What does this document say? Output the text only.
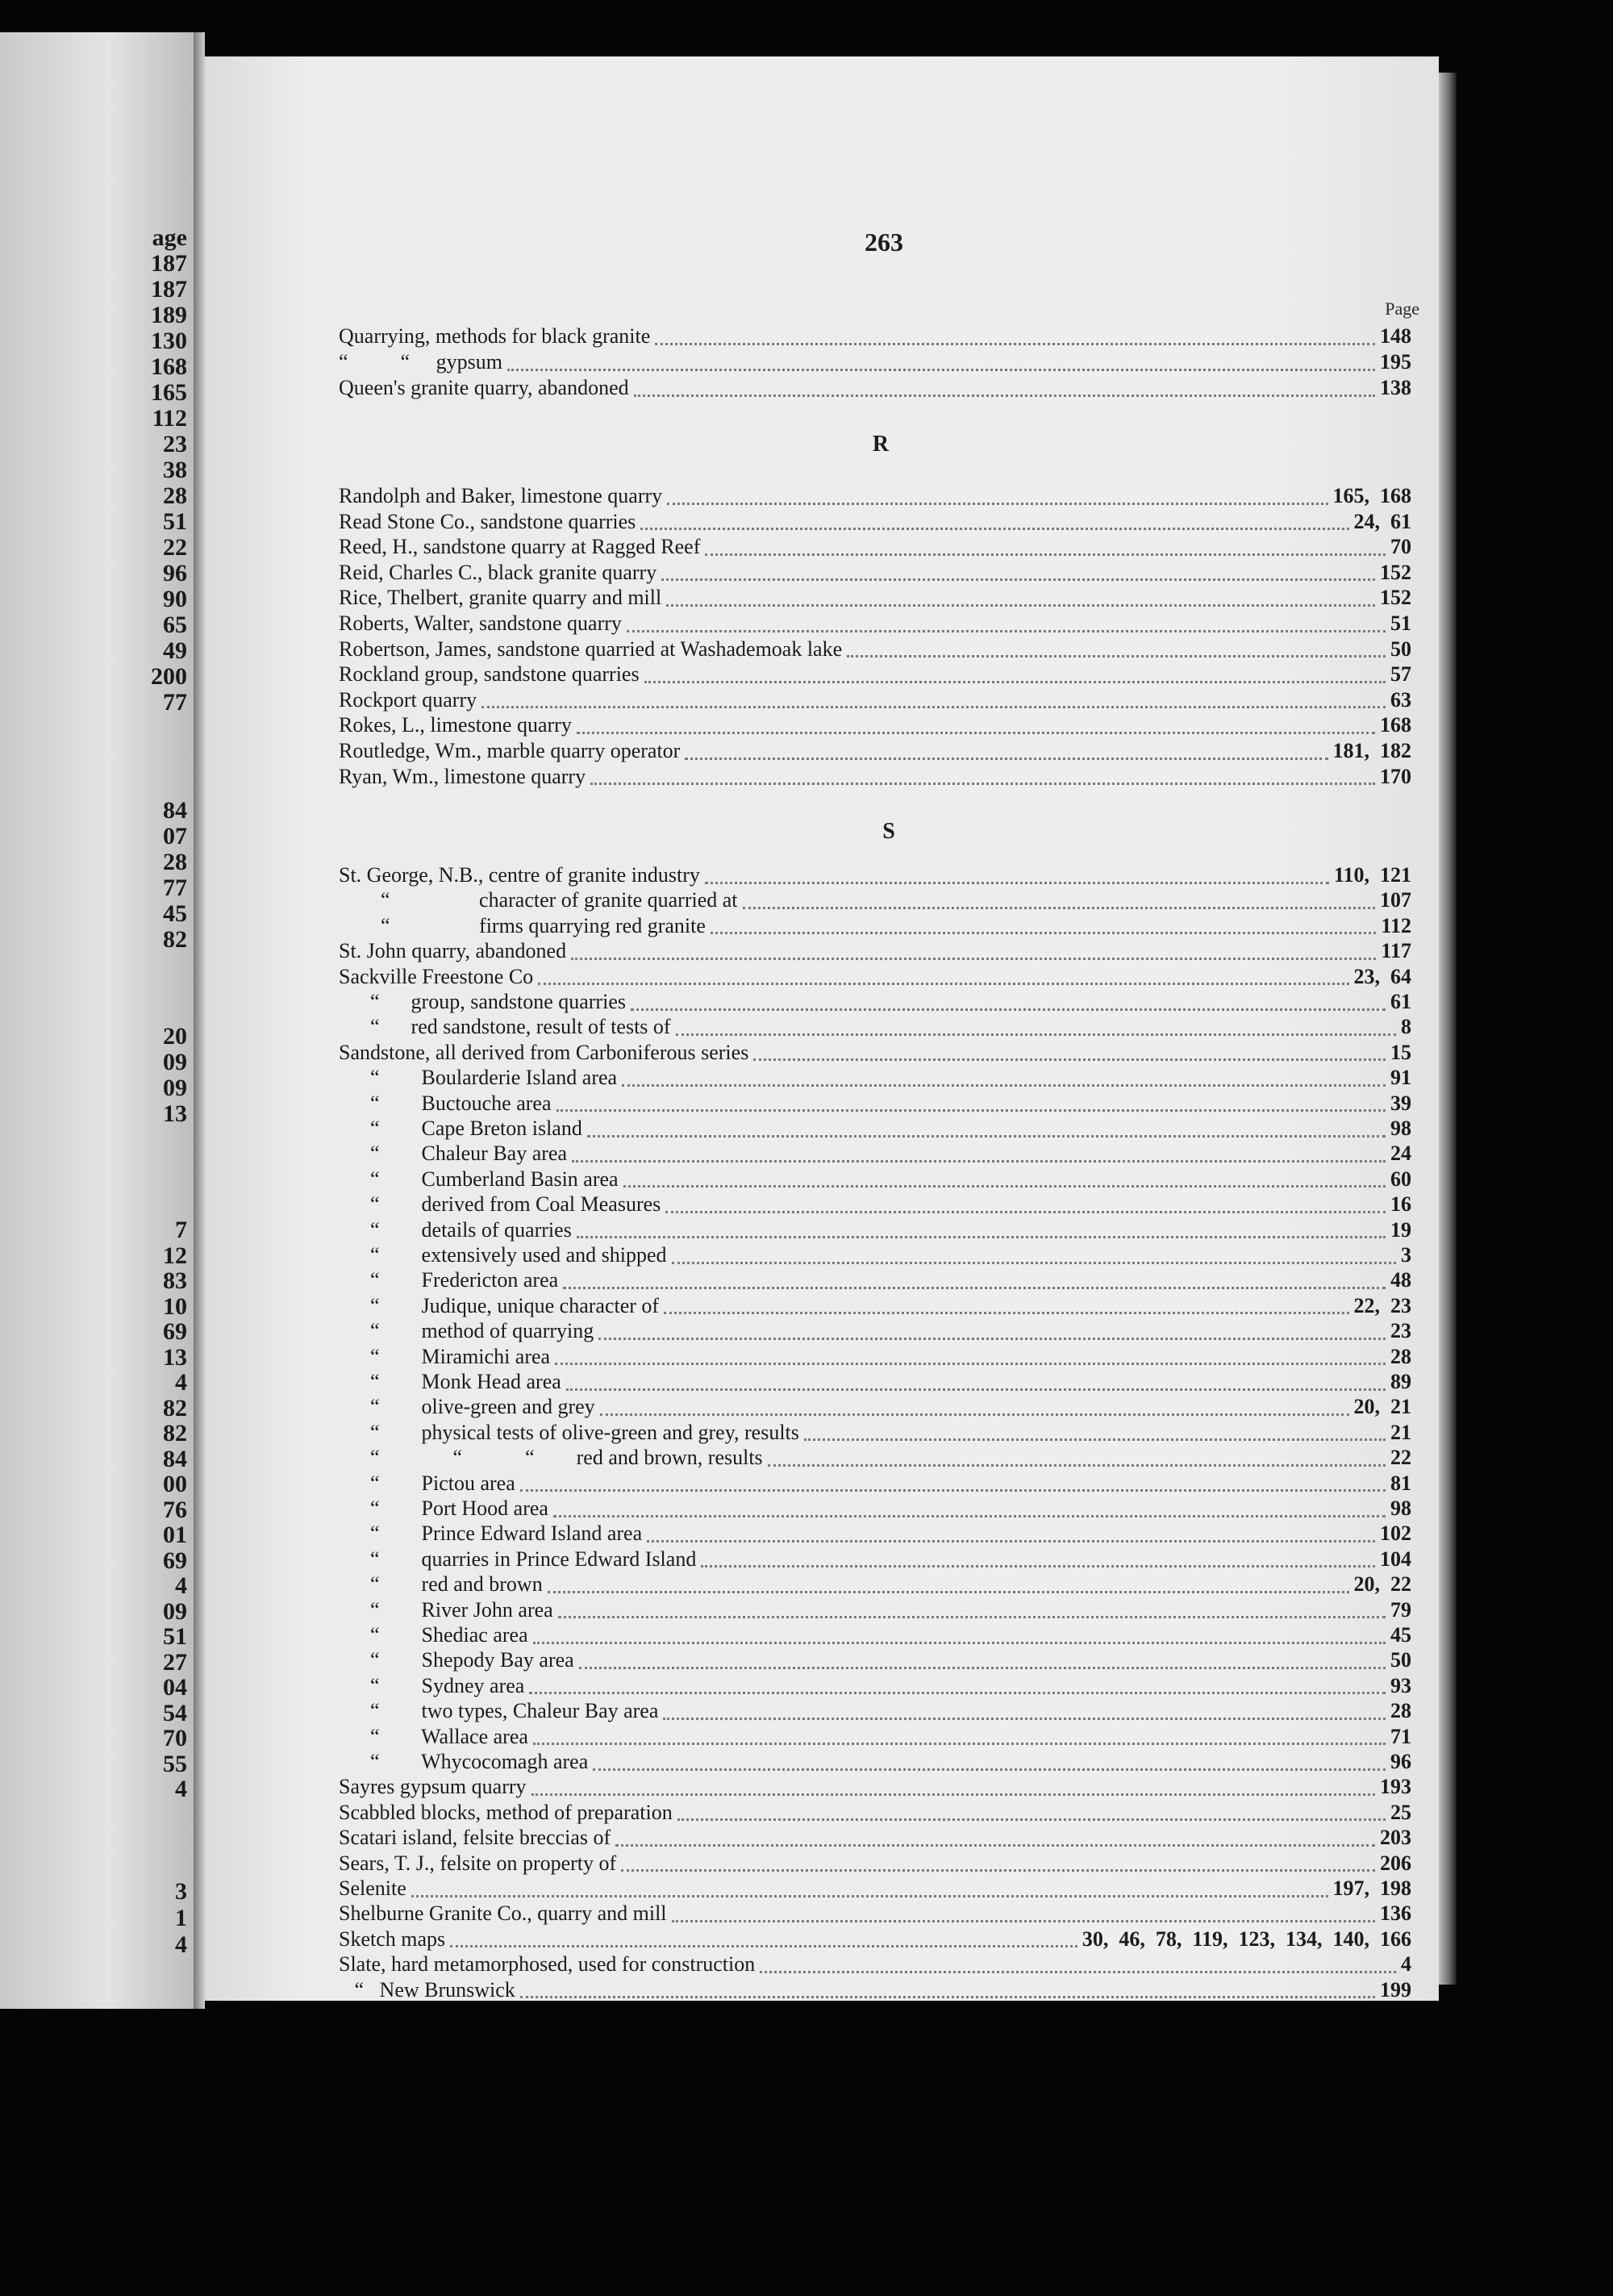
age
187
187
189
130
168
165
112
23
38
28
51
22
96
90
65
49
200
77
84
07
28
77
45
82
20
09
09
13
7
12
83
10
69
13
4
82
82
84
00
76
01
69
4
09
51
27
04
54
70
55
4
3
1
4
263
Page
Quarrying, methods for black granite	148
“          “     gypsum	195
Queen's granite quarry, abandoned	138
R
Randolph and Baker, limestone quarry	165,  168
Read Stone Co., sandstone quarries	24,  61
Reed, H., sandstone quarry at Ragged Reef	70
Reid, Charles C., black granite quarry	152
Rice, Thelbert, granite quarry and mill	152
Roberts, Walter, sandstone quarry	51
Robertson, James, sandstone quarried at Washademoak lake	50
Rockland group, sandstone quarries	57
Rockport quarry	63
Rokes, L., limestone quarry	168
Routledge, Wm., marble quarry operator	181,  182
Ryan, Wm., limestone quarry	170
S
St. George, N.B., centre of granite industry	110,  121
“                 character of granite quarried at	107
“                 firms quarrying red granite	112
St. John quarry, abandoned	117
Sackville Freestone Co	23,  64
“      group, sandstone quarries	61
“      red sandstone, result of tests of	8
Sandstone, all derived from Carboniferous series	15
“        Boularderie Island area	91
“        Buctouche area	39
“        Cape Breton island	98
“        Chaleur Bay area	24
“        Cumberland Basin area	60
“        derived from Coal Measures	16
“        details of quarries	19
“        extensively used and shipped	3
“        Fredericton area	48
“        Judique, unique character of	22,  23
“        method of quarrying	23
“        Miramichi area	28
“        Monk Head area	89
“        olive-green and grey	20,  21
“        physical tests of olive-green and grey, results	21
“              “            “        red and brown, results	22
“        Pictou area	81
“        Port Hood area	98
“        Prince Edward Island area	102
“        quarries in Prince Edward Island	104
“        red and brown	20,  22
“        River John area	79
“        Shediac area	45
“        Shepody Bay area	50
“        Sydney area	93
“        two types, Chaleur Bay area	28
“        Wallace area	71
“        Whycocomagh area	96
Sayres gypsum quarry	193
Scabbled blocks, method of preparation	25
Scatari island, felsite breccias of	203
Sears, T. J., felsite on property of	206
Selenite	197,  198
Shelburne Granite Co., quarry and mill	136
Sketch maps	30,  46,  78,  119,  123,  134,  140,  166
Slate, hard metamorphosed, used for construction	4
“   New Brunswick	199
